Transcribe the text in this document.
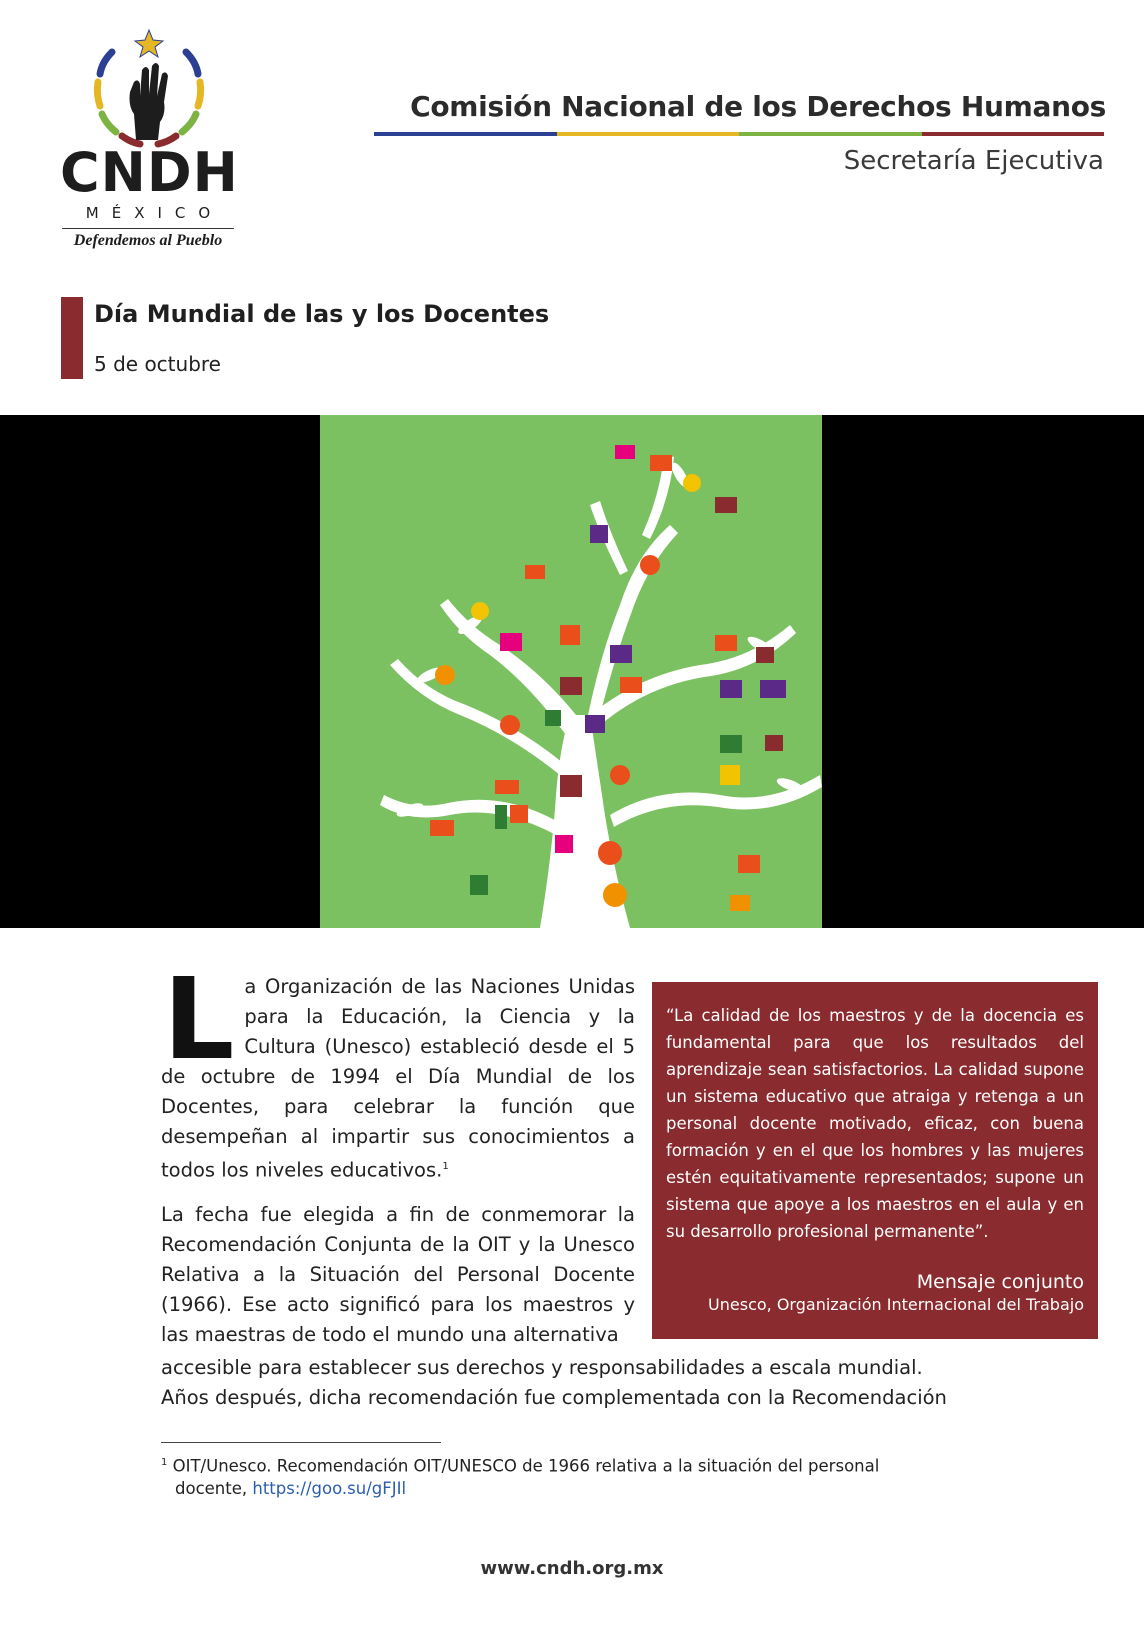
CNDH
MÉXICO
Defendemos al Pueblo
Comisión Nacional de los Derechos Humanos
Secretaría Ejecutiva
Día Mundial de las y los Docentes
5 de octubre

La Organización de las Naciones Unidas para la Educación, la Ciencia y la Cultura (Unesco) estableció desde el 5 de octubre de 1994 el Día Mundial de los Docentes, para celebrar la función que desempeñan al impartir sus conocimientos a todos los niveles educativos.$^1$

La fecha fue elegida a fin de conmemorar la Recomendación Conjunta de la OIT y la Unesco Relativa a la Situación del Personal Docente (1966). Ese acto significó para los maestros y las maestras de todo el mundo una alternativa

accesible para establecer sus derechos y responsabilidades a escala mundial.
Años después, dicha recomendación fue complementada con la Recomendación
“La calidad de los maestros y de la docencia es fundamental para que los resultados del aprendizaje sean satisfactorios. La calidad supone un sistema educativo que atraiga y retenga a un personal docente motivado, eficaz, con buena formación y en el que los hombres y las mujeres estén equitativamente representados; supone un sistema que apoye a los maestros en el aula y en su desarrollo profesional permanente”.
Mensaje conjunto
Unesco, Organización Internacional del Trabajo
$^1$ OIT/Unesco. Recomendación OIT/UNESCO de 1966 relativa a la situación del personal
docente, https://goo.su/gFJIl
www.cndh.org.mx
